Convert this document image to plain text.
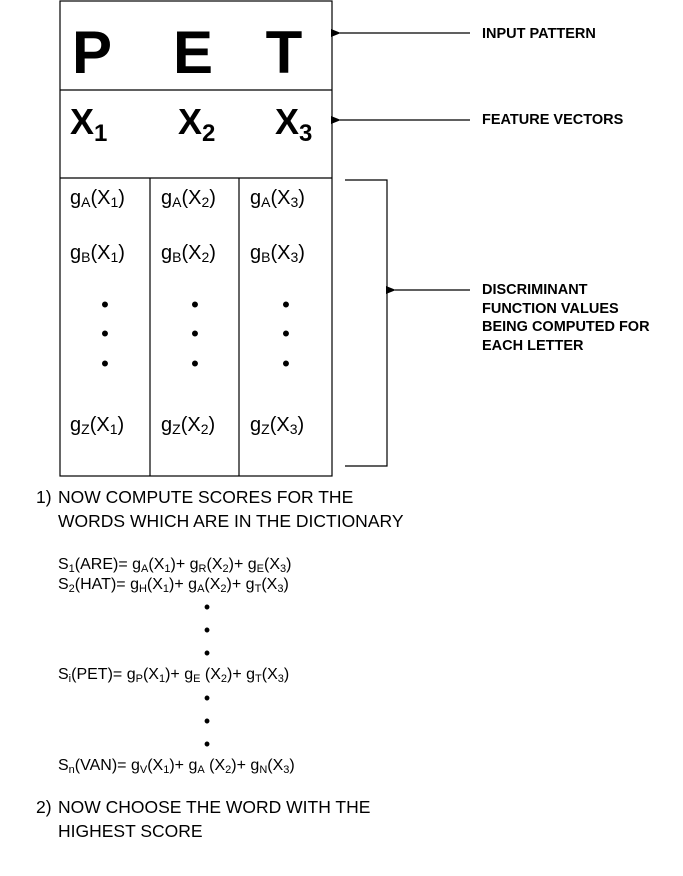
P E T
$X_1$ $X_2$ $X_3$
$g_A(X_1)$ $g_A(X_2)$ $g_A(X_3)$
$g_B(X_1)$ $g_B(X_2)$ $g_B(X_3)$
•
•
•
•
•
•
•
•
•
$g_Z(X_1)$ $g_Z(X_2)$ $g_Z(X_3)$
INPUT PATTERN
FEATURE VECTORS
DISCRIMINANT
FUNCTION VALUES
BEING COMPUTED FOR
EACH LETTER
1) NOW COMPUTE SCORES FOR THE
WORDS WHICH ARE IN THE DICTIONARY
$S_1(ARE)= g_A(X_1)+ g_R(X_2)+ g_E(X_3)$
$S_2(HAT)= g_H(X_1)+ g_A(X_2)+ g_T(X_3)$
•
•
•
$S_i(PET)= g_P(X_1)+ g_E$ $(X_2)+ g_T(X_3)$
•
•
•
$S_n(VAN)= g_V(X_1)+ g_A$ $(X_2)+ g_N(X_3)$
2) NOW CHOOSE THE WORD WITH THE
HIGHEST SCORE
